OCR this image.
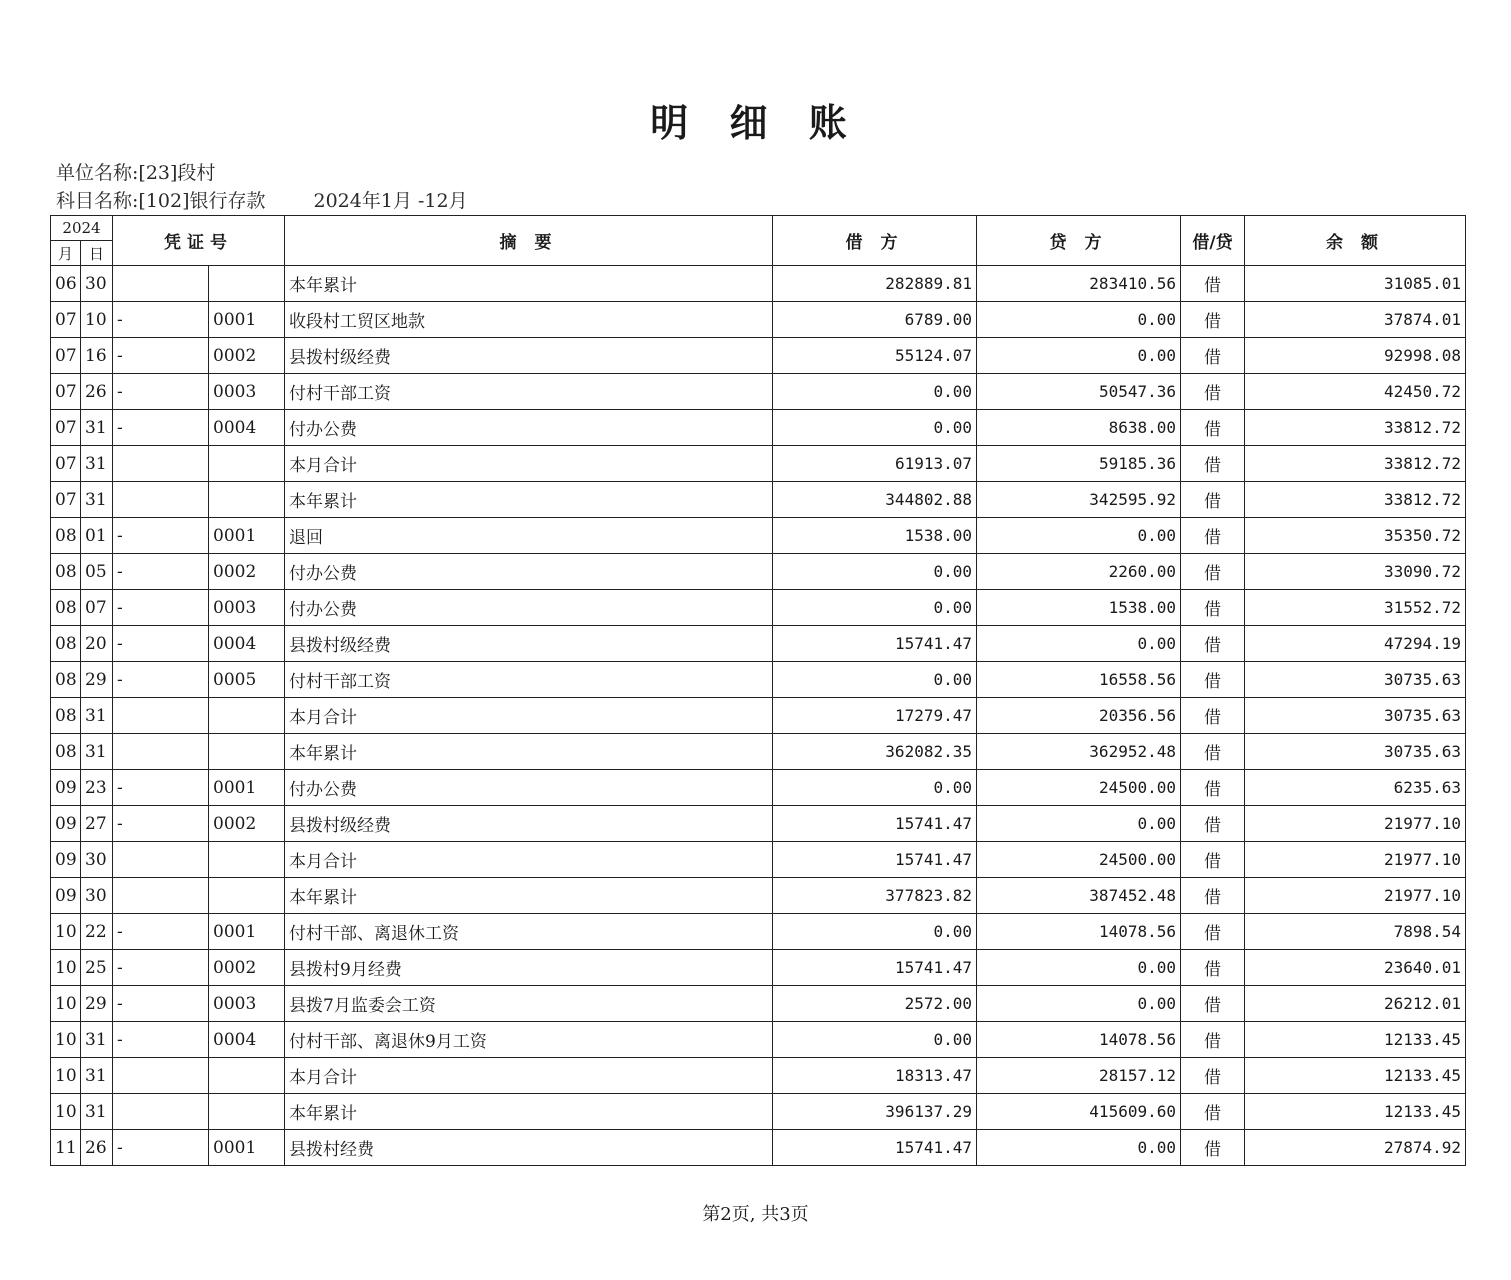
明 细 账
单位名称:[23]段村
科目名称:[102]银行存款	2024年1月 -12月
2024		凭证号		摘 要	借 方	贷 方	借/贷	余 额
月	日							
06	30			本年累计	282889.81	283410.56	借	31085.01
07	10	-	0001	收段村工贸区地款	6789.00	0.00	借	37874.01
07	16	-	0002	县拨村级经费	55124.07	0.00	借	92998.08
07	26	-	0003	付村干部工资	0.00	50547.36	借	42450.72
07	31	-	0004	付办公费	0.00	8638.00	借	33812.72
07	31			本月合计	61913.07	59185.36	借	33812.72
07	31			本年累计	344802.88	342595.92	借	33812.72
08	01	-	0001	退回	1538.00	0.00	借	35350.72
08	05	-	0002	付办公费	0.00	2260.00	借	33090.72
08	07	-	0003	付办公费	0.00	1538.00	借	31552.72
08	20	-	0004	县拨村级经费	15741.47	0.00	借	47294.19
08	29	-	0005	付村干部工资	0.00	16558.56	借	30735.63
08	31			本月合计	17279.47	20356.56	借	30735.63
08	31			本年累计	362082.35	362952.48	借	30735.63
09	23	-	0001	付办公费	0.00	24500.00	借	6235.63
09	27	-	0002	县拨村级经费	15741.47	0.00	借	21977.10
09	30			本月合计	15741.47	24500.00	借	21977.10
09	30			本年累计	377823.82	387452.48	借	21977.10
10	22	-	0001	付村干部、离退休工资	0.00	14078.56	借	7898.54
10	25	-	0002	县拨村9月经费	15741.47	0.00	借	23640.01
10	29	-	0003	县拨7月监委会工资	2572.00	0.00	借	26212.01
10	31	-	0004	付村干部、离退休9月工资	0.00	14078.56	借	12133.45
10	31			本月合计	18313.47	28157.12	借	12133.45
10	31			本年累计	396137.29	415609.60	借	12133.45
11	26	-	0001	县拨村经费	15741.47	0.00	借	27874.92
第2页, 共3页
